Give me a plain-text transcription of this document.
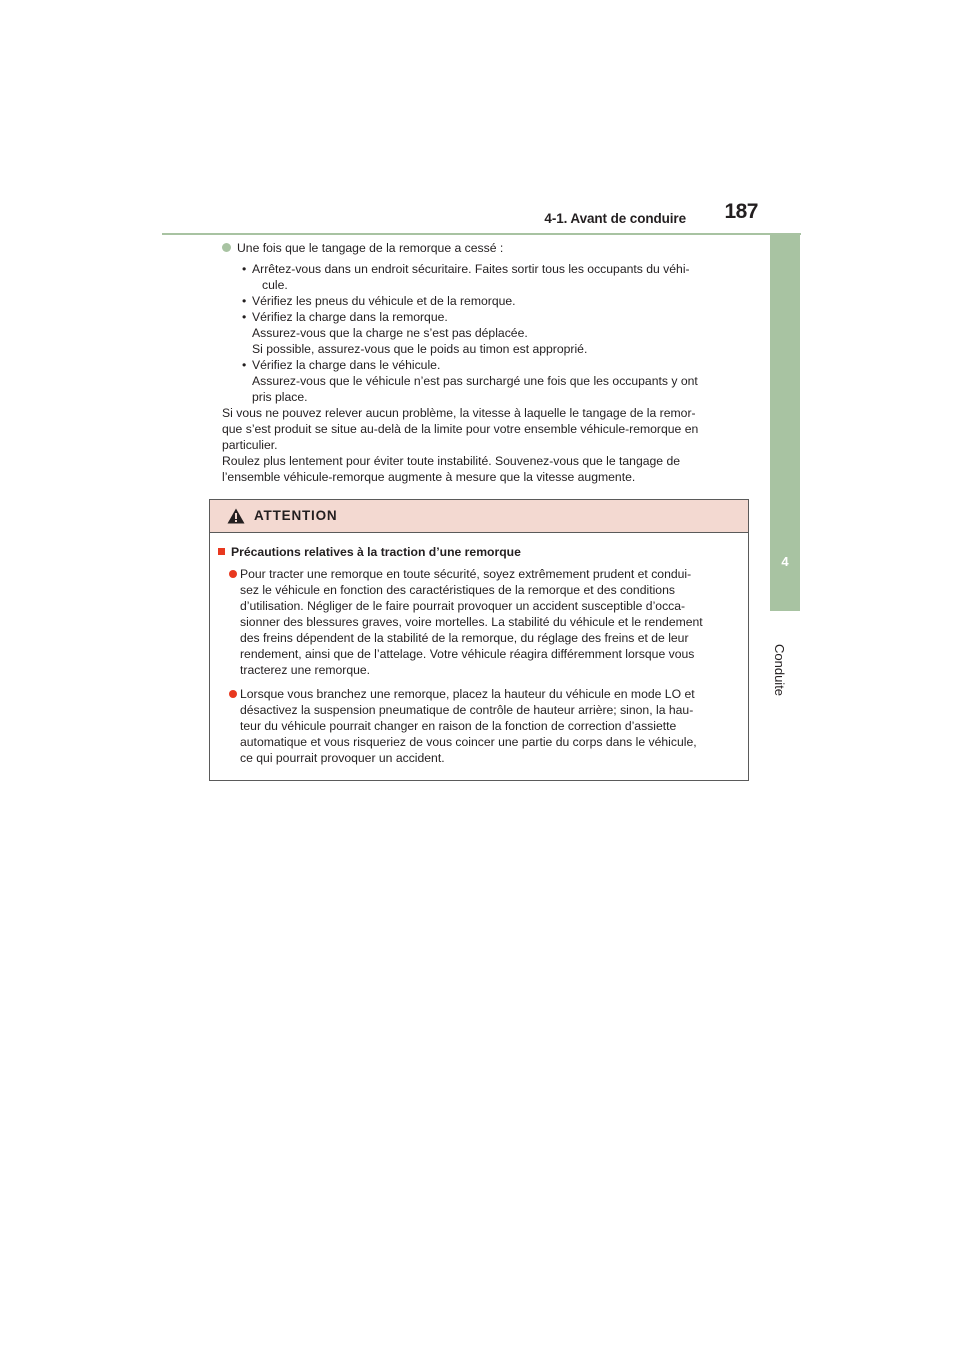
4-1. Avant de conduire 187
4
Conduite
Une fois que le tangage de la remorque a cessé :
• Arrêtez-vous dans un endroit sécuritaire. Faites sortir tous les occupants du véhi-
cule.
• Vérifiez les pneus du véhicule et de la remorque.
• Vérifiez la charge dans la remorque.
Assurez-vous que la charge ne s’est pas déplacée.
Si possible, assurez-vous que le poids au timon est approprié.
• Vérifiez la charge dans le véhicule.
Assurez-vous que le véhicule n’est pas surchargé une fois que les occupants y ont
pris place.
Si vous ne pouvez relever aucun problème, la vitesse à laquelle le tangage de la remor-
que s’est produit se situe au-delà de la limite pour votre ensemble véhicule-remorque en
particulier.
Roulez plus lentement pour éviter toute instabilité. Souvenez-vous que le tangage de
l’ensemble véhicule-remorque augmente à mesure que la vitesse augmente.
ATTENTION
Précautions relatives à la traction d’une remorque
Pour tracter une remorque en toute sécurité, soyez extrêmement prudent et condui-
sez le véhicule en fonction des caractéristiques de la remorque et des conditions
d’utilisation. Négliger de le faire pourrait provoquer un accident susceptible d’occa-
sionner des blessures graves, voire mortelles. La stabilité du véhicule et le rendement
des freins dépendent de la stabilité de la remorque, du réglage des freins et de leur
rendement, ainsi que de l’attelage. Votre véhicule réagira différemment lorsque vous
tracterez une remorque.
Lorsque vous branchez une remorque, placez la hauteur du véhicule en mode LO et
désactivez la suspension pneumatique de contrôle de hauteur arrière; sinon, la hau-
teur du véhicule pourrait changer en raison de la fonction de correction d’assiette
automatique et vous risqueriez de vous coincer une partie du corps dans le véhicule,
ce qui pourrait provoquer un accident.
